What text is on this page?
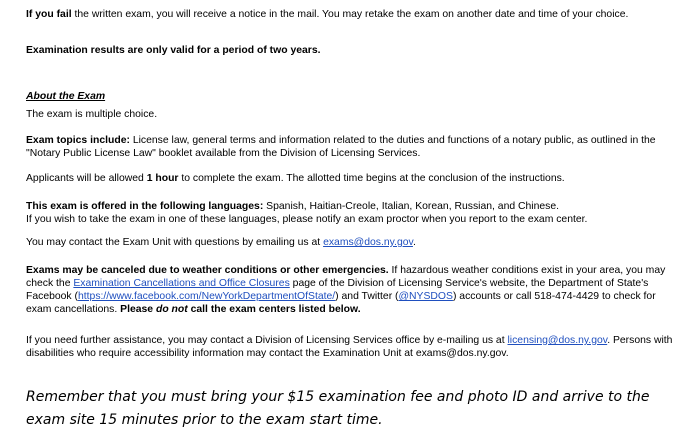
If you fail the written exam, you will receive a notice in the mail. You may retake the exam on another date and time of your choice.

Examination results are only valid for a period of two years.

About the Exam

The exam is multiple choice.

Exam topics include: License law, general terms and information related to the duties and functions of a notary public, as outlined in the "Notary Public License Law" booklet available from the Division of Licensing Services.

Applicants will be allowed 1 hour to complete the exam. The allotted time begins at the conclusion of the instructions.

This exam is offered in the following languages: Spanish, Haitian-Creole, Italian, Korean, Russian, and Chinese.
If you wish to take the exam in one of these languages, please notify an exam proctor when you report to the exam center.

You may contact the Exam Unit with questions by emailing us at exams@dos.ny.gov.

Exams may be canceled due to weather conditions or other emergencies. If hazardous weather conditions exist in your area, you may check the Examination Cancellations and Office Closures page of the Division of Licensing Service's website, the Department of State's Facebook (https://www.facebook.com/NewYorkDepartmentOfState/) and Twitter (@NYSDOS) accounts or call 518-474-4429 to check for exam cancellations. Please do not call the exam centers listed below.

If you need further assistance, you may contact a Division of Licensing Services office by e-mailing us at licensing@dos.ny.gov. Persons with disabilities who require accessibility information may contact the Examination Unit at exams@dos.ny.gov.

Remember that you must bring your $15 examination fee and photo ID and arrive to the exam site 15 minutes prior to the exam start time.
